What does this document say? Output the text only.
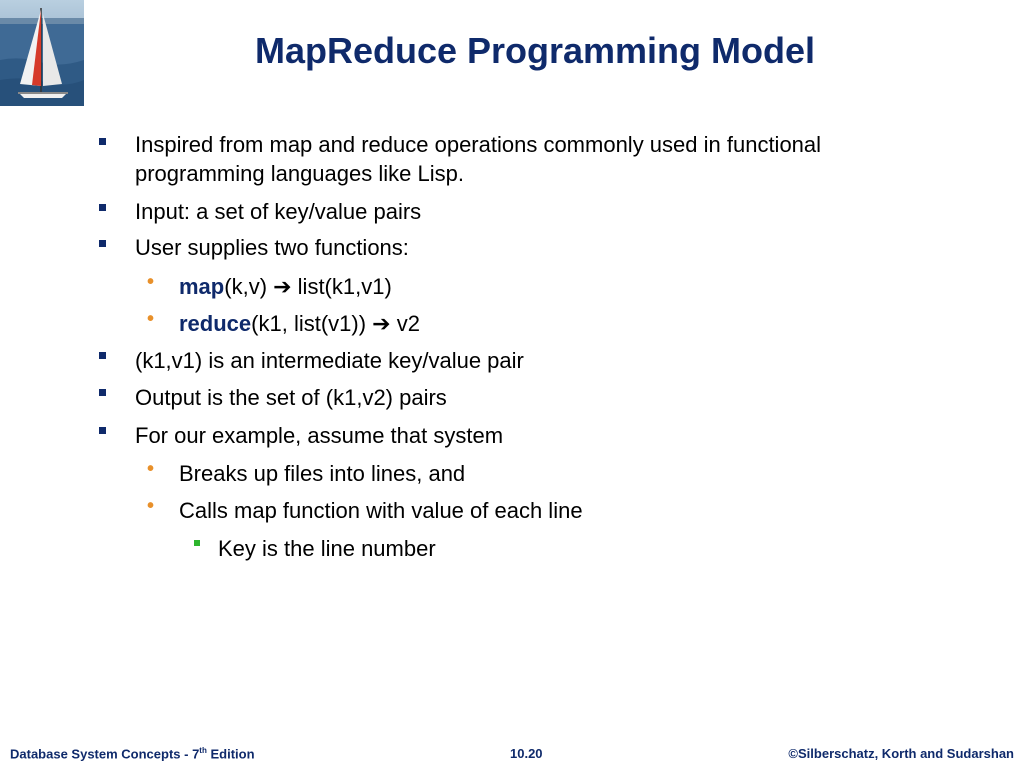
MapReduce Programming Model
Inspired from map and reduce operations commonly used in functional
programming languages like Lisp.
Input: a set of key/value pairs
User supplies two functions:
• map(k,v) ➔ list(k1,v1)
• reduce(k1, list(v1)) ➔ v2
(k1,v1) is an intermediate key/value pair
Output is the set of (k1,v2) pairs
For our example, assume that system
• Breaks up files into lines, and
• Calls map function with value of each line
Key is the line number
Database System Concepts - 7th Edition	10.20	©Silberschatz, Korth and Sudarshan
